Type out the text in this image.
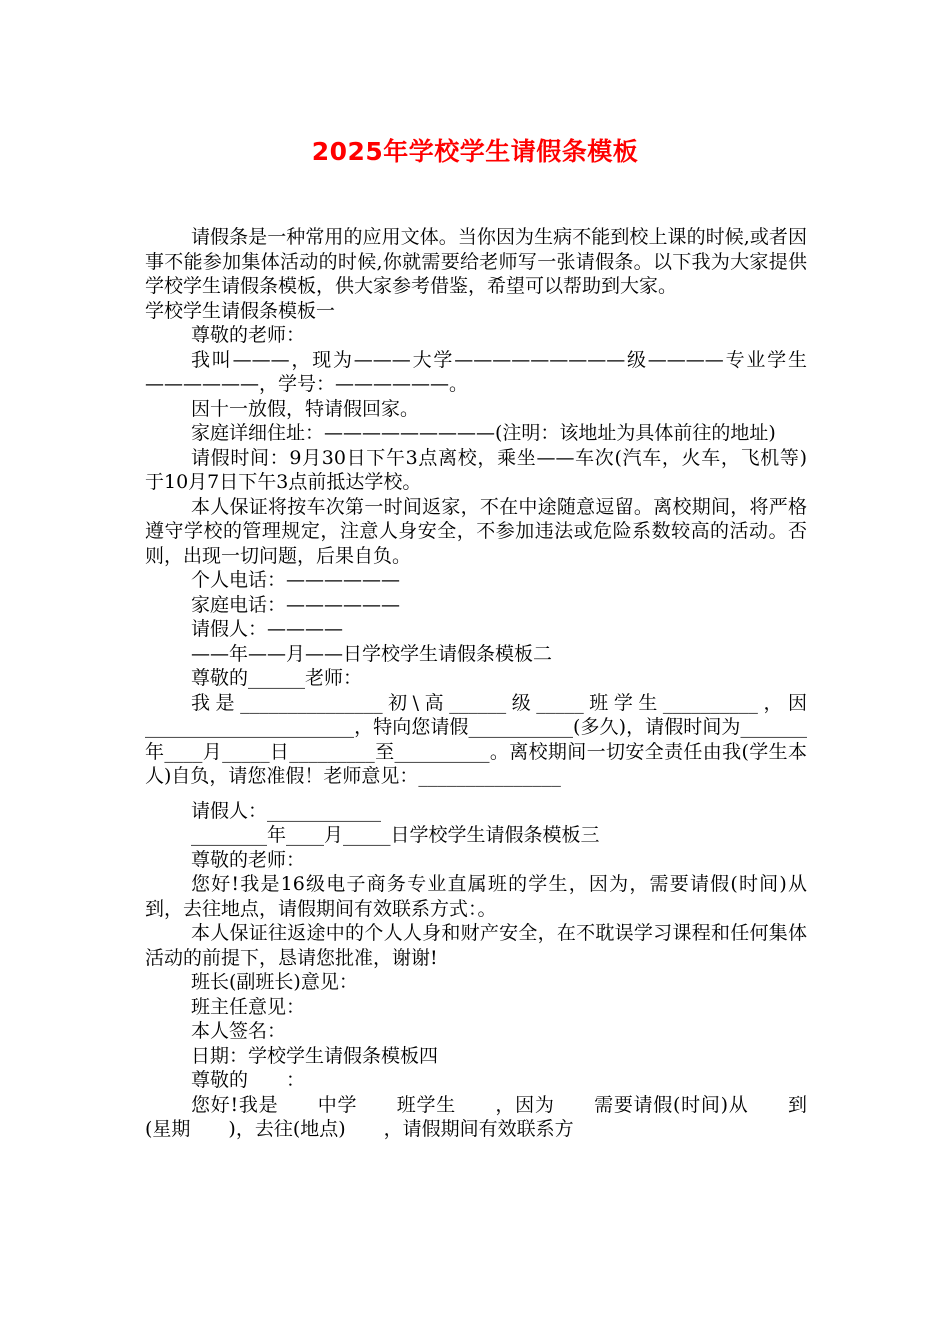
2025年学校学生请假条模板

请假条是一种常用的应用文体。当你因为生病不能到校上课的时候,或者因事不能参加集体活动的时候,你就需要给老师写一张请假条。以下我为大家提供学校学生请假条模板，供大家参考借鉴，希望可以帮助到大家。

学校学生请假条模板一

尊敬的老师：

我叫———，现为———大学—————————级————专业学生——————，学号：——————。

因十一放假，特请假回家。

家庭详细住址：—————————(注明：该地址为具体前往的地址)

请假时间：9月30日下午3点离校，乘坐——车次(汽车，火车，飞机等)　　于10月7日下午3点前抵达学校。

本人保证将按车次第一时间返家，不在中途随意逗留。离校期间，将严格遵守学校的管理规定，注意人身安全，不参加违法或危险系数较高的活动。否则，出现一切问题，后果自负。

个人电话：——————

家庭电话：——————

请假人：————

——年——月——日学校学生请假条模板二

尊敬的______老师：

我是_______________初\高______级_____班学生__________，因______________________，特向您请假___________(多久)，请假时间为_______年____月_____日_________至__________。离校期间一切安全责任由我(学生本人)自负，请您准假！老师意见：_______________

请假人：____________

________年____月_____日学校学生请假条模板三

尊敬的老师：

您好!我是16级电子商务专业直属班的学生，因为，需要请假(时间)从到，去往地点，请假期间有效联系方式：。

本人保证往返途中的个人人身和财产安全，在不耽误学习课程和任何集体活动的前提下，恳请您批准，谢谢!

班长(副班长)意见：

班主任意见：

本人签名：

日期：学校学生请假条模板四

尊敬的　　：

您好!我是　　中学　　班学生　　，因为　　需要请假(时间)从　　到　　(星期　　)，去往(地点)　　，请假期间有效联系方
